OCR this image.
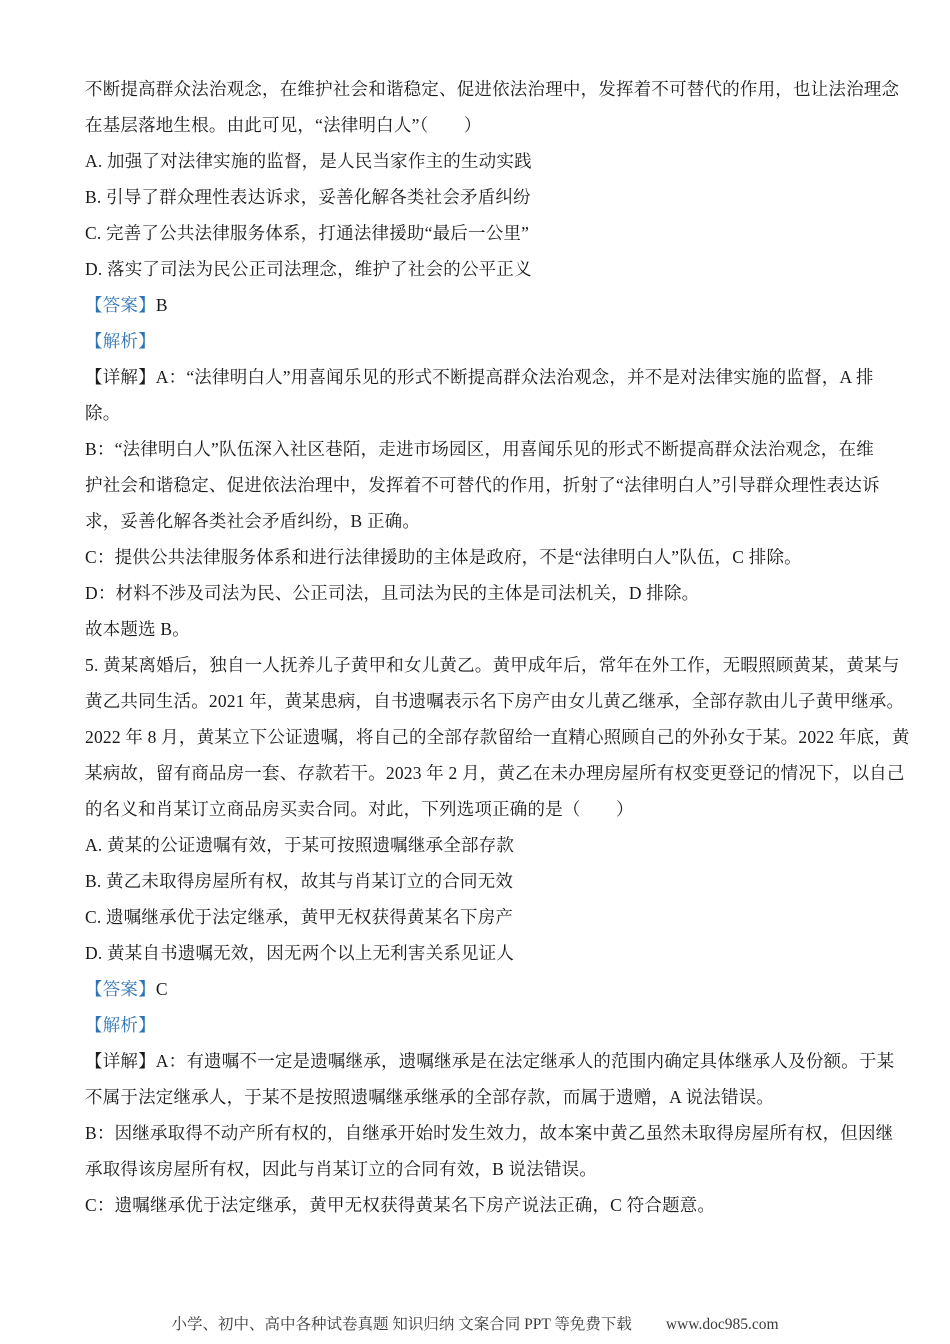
不断提高群众法治观念，在维护社会和谐稳定、促进依法治理中，发挥着不可替代的作用，也让法治理念
在基层落地生根。由此可见，“法律明白人”（　　）
A. 加强了对法律实施的监督，是人民当家作主的生动实践
B. 引导了群众理性表达诉求，妥善化解各类社会矛盾纠纷
C. 完善了公共法律服务体系，打通法律援助“最后一公里”
D. 落实了司法为民公正司法理念，维护了社会的公平正义
【答案】B
【解析】
【详解】A：“法律明白人”用喜闻乐见的形式不断提高群众法治观念，并不是对法律实施的监督，A 排
除。
B：“法律明白人”队伍深入社区巷陌，走进市场园区，用喜闻乐见的形式不断提高群众法治观念，在维
护社会和谐稳定、促进依法治理中，发挥着不可替代的作用，折射了“法律明白人”引导群众理性表达诉
求，妥善化解各类社会矛盾纠纷，B 正确。
C：提供公共法律服务体系和进行法律援助的主体是政府，不是“法律明白人”队伍，C 排除。
D：材料不涉及司法为民、公正司法，且司法为民的主体是司法机关，D 排除。
故本题选 B。
5. 黄某离婚后，独自一人抚养儿子黄甲和女儿黄乙。黄甲成年后，常年在外工作，无暇照顾黄某，黄某与
黄乙共同生活。2021 年，黄某患病，自书遗嘱表示名下房产由女儿黄乙继承，全部存款由儿子黄甲继承。
2022 年 8 月，黄某立下公证遗嘱，将自己的全部存款留给一直精心照顾自己的外孙女于某。2022 年底，黄
某病故，留有商品房一套、存款若干。2023 年 2 月，黄乙在未办理房屋所有权变更登记的情况下，以自己
的名义和肖某订立商品房买卖合同。对此，下列选项正确的是（　　）
A. 黄某的公证遗嘱有效，于某可按照遗嘱继承全部存款
B. 黄乙未取得房屋所有权，故其与肖某订立的合同无效
C. 遗嘱继承优于法定继承，黄甲无权获得黄某名下房产
D. 黄某自书遗嘱无效，因无两个以上无利害关系见证人
【答案】C
【解析】
【详解】A：有遗嘱不一定是遗嘱继承，遗嘱继承是在法定继承人的范围内确定具体继承人及份额。于某
不属于法定继承人，于某不是按照遗嘱继承继承的全部存款，而属于遗赠，A 说法错误。
B：因继承取得不动产所有权的，自继承开始时发生效力，故本案中黄乙虽然未取得房屋所有权，但因继
承取得该房屋所有权，因此与肖某订立的合同有效，B 说法错误。
C：遗嘱继承优于法定继承，黄甲无权获得黄某名下房产说法正确，C 符合题意。
小学、初中、高中各种试卷真题 知识归纳 文案合同 PPT 等免费下载 www.doc985.com
